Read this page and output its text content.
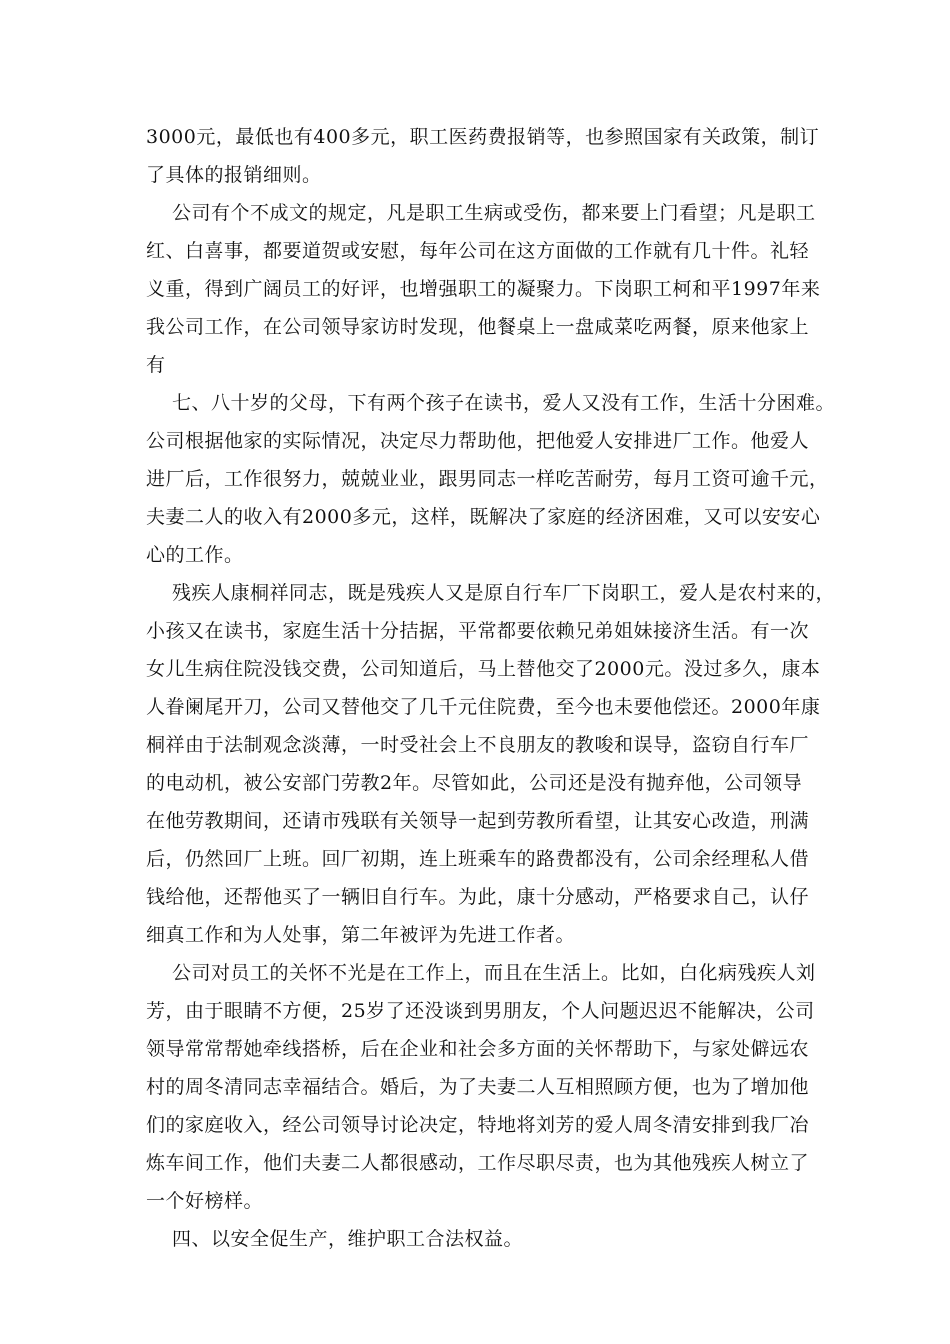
3000元，最低也有400多元，职工医药费报销等，也参照国家有关政策，制订
了具体的报销细则。
公司有个不成文的规定，凡是职工生病或受伤，都来要上门看望；凡是职工
红、白喜事，都要道贺或安慰，每年公司在这方面做的工作就有几十件。礼轻
义重，得到广阔员工的好评，也增强职工的凝聚力。下岗职工柯和平1997年来
我公司工作，在公司领导家访时发现，他餐桌上一盘咸菜吃两餐，原来他家上
有
七、八十岁的父母，下有两个孩子在读书，爱人又没有工作，生活十分困难。
公司根据他家的实际情况，决定尽力帮助他，把他爱人安排进厂工作。他爱人
进厂后，工作很努力，兢兢业业，跟男同志一样吃苦耐劳，每月工资可逾千元，
夫妻二人的收入有2000多元，这样，既解决了家庭的经济困难，又可以安安心
心的工作。
残疾人康桐祥同志，既是残疾人又是原自行车厂下岗职工，爱人是农村来的，
小孩又在读书，家庭生活十分拮据，平常都要依赖兄弟姐妹接济生活。有一次
女儿生病住院没钱交费，公司知道后，马上替他交了2000元。没过多久，康本
人眷阑尾开刀，公司又替他交了几千元住院费，至今也未要他偿还。2000年康
桐祥由于法制观念淡薄，一时受社会上不良朋友的教唆和误导，盗窃自行车厂
的电动机，被公安部门劳教2年。尽管如此，公司还是没有抛弃他，公司领导
在他劳教期间，还请市残联有关领导一起到劳教所看望，让其安心改造，刑满
后，仍然回厂上班。回厂初期，连上班乘车的路费都没有，公司余经理私人借
钱给他，还帮他买了一辆旧自行车。为此，康十分感动，严格要求自己，认仔
细真工作和为人处事，第二年被评为先进工作者。
公司对员工的关怀不光是在工作上，而且在生活上。比如，白化病残疾人刘
芳，由于眼睛不方便，25岁了还没谈到男朋友，个人问题迟迟不能解决，公司
领导常常帮她牵线搭桥，后在企业和社会多方面的关怀帮助下，与家处僻远农
村的周冬清同志幸福结合。婚后，为了夫妻二人互相照顾方便，也为了增加他
们的家庭收入，经公司领导讨论决定，特地将刘芳的爱人周冬清安排到我厂冶
炼车间工作，他们夫妻二人都很感动，工作尽职尽责，也为其他残疾人树立了
一个好榜样。
四、以安全促生产，维护职工合法权益。
